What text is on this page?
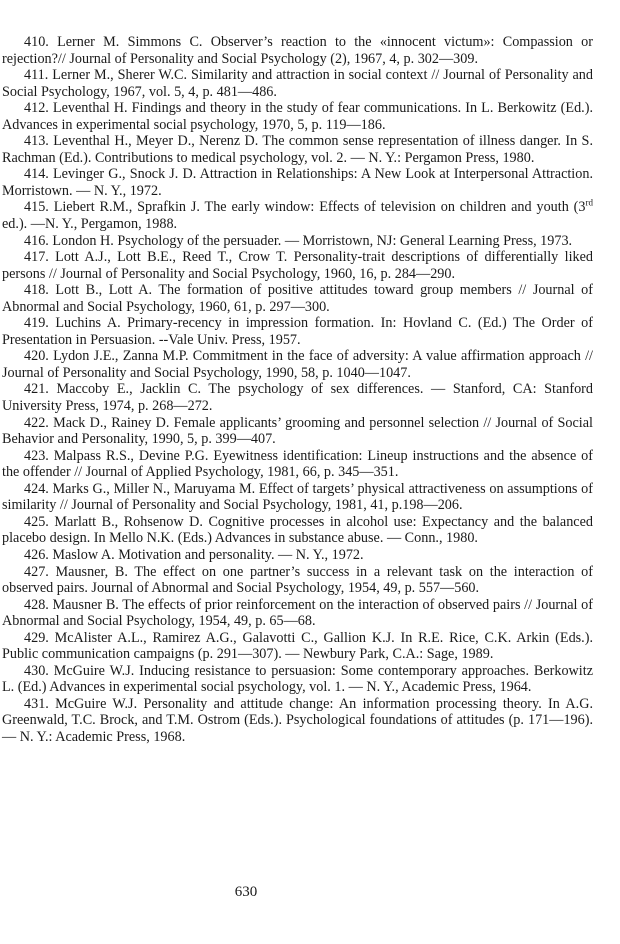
410. Lerner M. Simmons C. Observer’s reaction to the «innocent victum»: Compassion or rejection?// Journal of Personality and Social Psychology (2), 1967, 4, p. 302—309.

411. Lerner M., Sherer W.C. Similarity and attraction in social context // Journal of Personality and Social Psychology, 1967, vol. 5, 4, p. 481—486.

412. Leventhal H. Findings and theory in the study of fear communications. In L. Berkowitz (Ed.). Advances in experimental social psychology, 1970, 5, p. 119—186.

413. Leventhal H., Meyer D., Nerenz D. The common sense representation of illness danger. In S. Rachman (Ed.). Contributions to medical psychology, vol. 2. — N. Y.: Pergamon Press, 1980.

414. Levinger G., Snock J. D. Attraction in Relationships: A New Look at Interpersonal Attraction. Morristown. — N. Y., 1972.

415. Liebert R.M., Sprafkin J. The early window: Effects of television on children and youth (3rd ed.). —N. Y., Pergamon, 1988.

416. London H. Psychology of the persuader. — Morristown, NJ: General Learning Press, 1973.

417. Lott A.J., Lott B.E., Reed T., Crow T. Personality-trait descriptions of differentially liked persons // Journal of Personality and Social Psychology, 1960, 16, p. 284—290.

418. Lott B., Lott A. The formation of positive attitudes toward group members // Journal of Abnormal and Social Psychology, 1960, 61, p. 297—300.

419. Luchins A. Primary-recency in impression formation. In: Hovland C. (Ed.) The Order of Presentation in Persuasion. --Vale Univ. Press, 1957.

420. Lydon J.E., Zanna M.P. Commitment in the face of adversity: A value affirmation approach // Journal of Personality and Social Psychology, 1990, 58, p. 1040—1047.

421. Maccoby E., Jacklin C. The psychology of sex differences. — Stanford, CA: Stanford University Press, 1974, p. 268—272.

422. Mack D., Rainey D. Female applicants’ grooming and personnel selection // Journal of Social Behavior and Personality, 1990, 5, p. 399—407.

423. Malpass R.S., Devine P.G. Eyewitness identification: Lineup instructions and the absence of the offender // Journal of Applied Psychology, 1981, 66, p. 345—351.

424. Marks G., Miller N., Maruyama M. Effect of targets’ physical attractiveness on assumptions of similarity // Journal of Personality and Social Psychology, 1981, 41, p.198—206.

425. Marlatt B., Rohsenow D. Cognitive processes in alcohol use: Expectancy and the balanced placebo design. In Mello N.K. (Eds.) Advances in substance abuse. — Conn., 1980.

426. Maslow A. Motivation and personality. — N. Y., 1972.

427. Mausner, B. The effect on one partner’s success in a relevant task on the interaction of observed pairs. Journal of Abnormal and Social Psychology, 1954, 49, p. 557—560.

428. Mausner B. The effects of prior reinforcement on the interaction of observed pairs // Journal of Abnormal and Social Psychology, 1954, 49, p. 65—68.

429. McAlister A.L., Ramirez A.G., Galavotti C., Gallion K.J. In R.E. Rice, C.K. Arkin (Eds.). Public communication campaigns (p. 291—307). — Newbury Park, C.A.: Sage, 1989.

430. McGuire W.J. Inducing resistance to persuasion: Some contemporary approaches. Berkowitz L. (Ed.) Advances in experimental social psychology, vol. 1. — N. Y., Academic Press, 1964.

431. McGuire W.J. Personality and attitude change: An information processing theory. In A.G. Greenwald, T.C. Brock, and T.M. Ostrom (Eds.). Psychological foundations of attitudes (p. 171—196). — N. Y.: Academic Press, 1968.

630
